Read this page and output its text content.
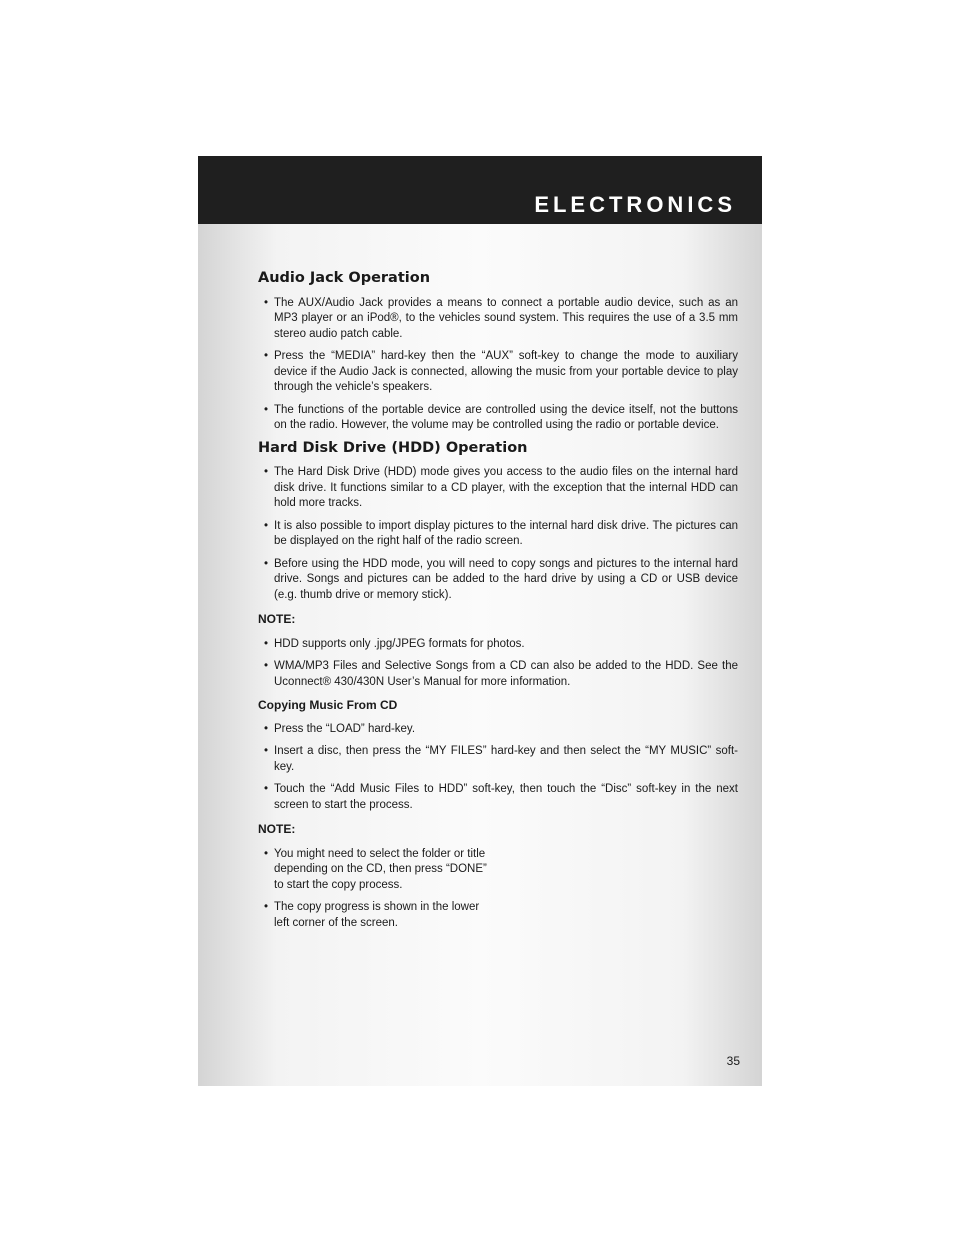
ELECTRONICS
Audio Jack Operation
• The AUX/Audio Jack provides a means to connect a portable audio device, such as an MP3 player or an iPod®, to the vehicles sound system. This requires the use of a 3.5 mm stereo audio patch cable.
• Press the “MEDIA” hard-key then the “AUX” soft-key to change the mode to auxiliary device if the Audio Jack is connected, allowing the music from your portable device to play through the vehicle’s speakers.
• The functions of the portable device are controlled using the device itself, not the buttons on the radio. However, the volume may be controlled using the radio or portable device.
Hard Disk Drive (HDD) Operation
• The Hard Disk Drive (HDD) mode gives you access to the audio files on the internal hard disk drive. It functions similar to a CD player, with the exception that the internal HDD can hold more tracks.
• It is also possible to import display pictures to the internal hard disk drive. The pictures can be displayed on the right half of the radio screen.
• Before using the HDD mode, you will need to copy songs and pictures to the internal hard drive. Songs and pictures can be added to the hard drive by using a CD or USB device (e.g. thumb drive or memory stick).
NOTE:
• HDD supports only .jpg/JPEG formats for photos.
• WMA/MP3 Files and Selective Songs from a CD can also be added to the HDD. See the Uconnect® 430/430N User’s Manual for more information.
Copying Music From CD
• Press the “LOAD” hard-key.
• Insert a disc, then press the “MY FILES” hard-key and then select the “MY MUSIC” soft-key.
• Touch the “Add Music Files to HDD” soft-key, then touch the “Disc” soft-key in the next screen to start the process.
NOTE:
• You might need to select the folder or title depending on the CD, then press “DONE” to start the copy process.
• The copy progress is shown in the lower left corner of the screen.
35
